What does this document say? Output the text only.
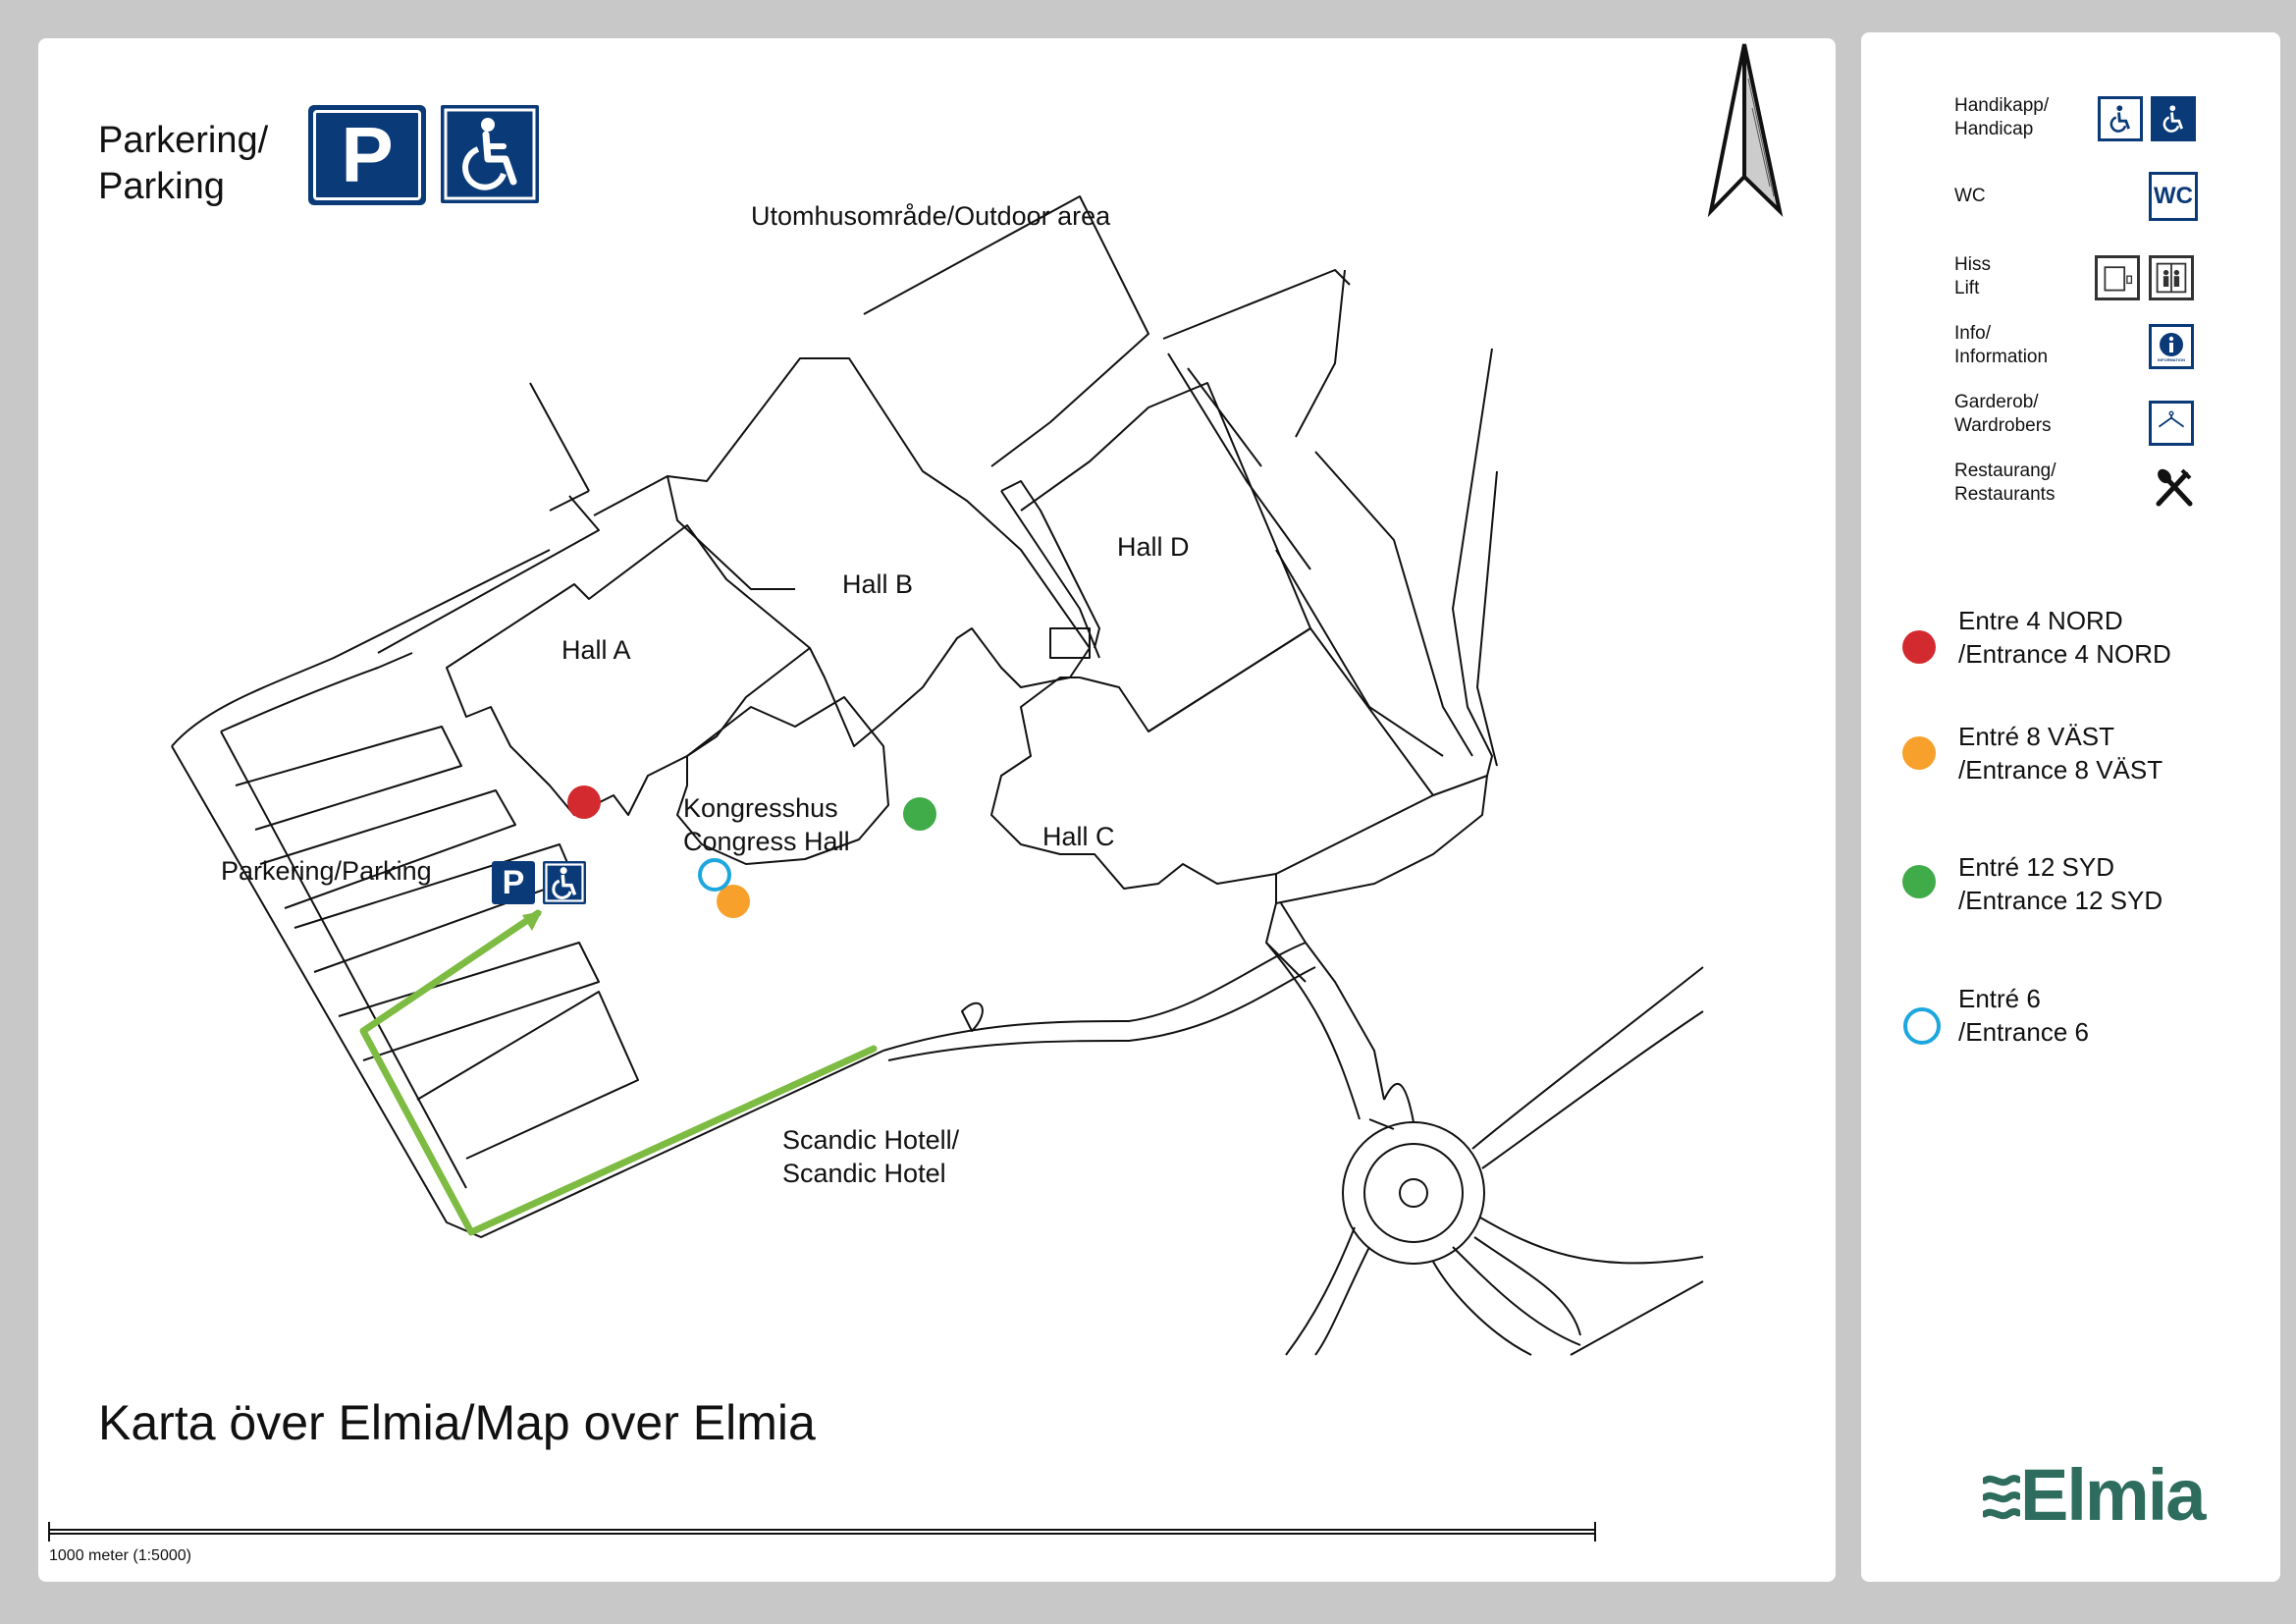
Parkering/
Parking	P
Utomhusområde/Outdoor area
P
Hall A
Hall B
Hall C
Hall D
Kongresshus
Congress Hall
Parkering/Parking
Scandic Hotell/
Scandic Hotel
Karta över Elmia/Map over Elmia
1000 meter (1:5000)
Handikapp/
Handicap
WC	WC
Hiss
Lift
Info/
Information	INFORMATION
Garderob/
Wardrobers
Restaurang/
Restaurants
Entre 4 NORD
/Entrance 4 NORD
Entré 8 VÄST
/Entrance 8 VÄST
Entré 12 SYD
/Entrance 12 SYD
Entré 6
/Entrance 6
Elmia
